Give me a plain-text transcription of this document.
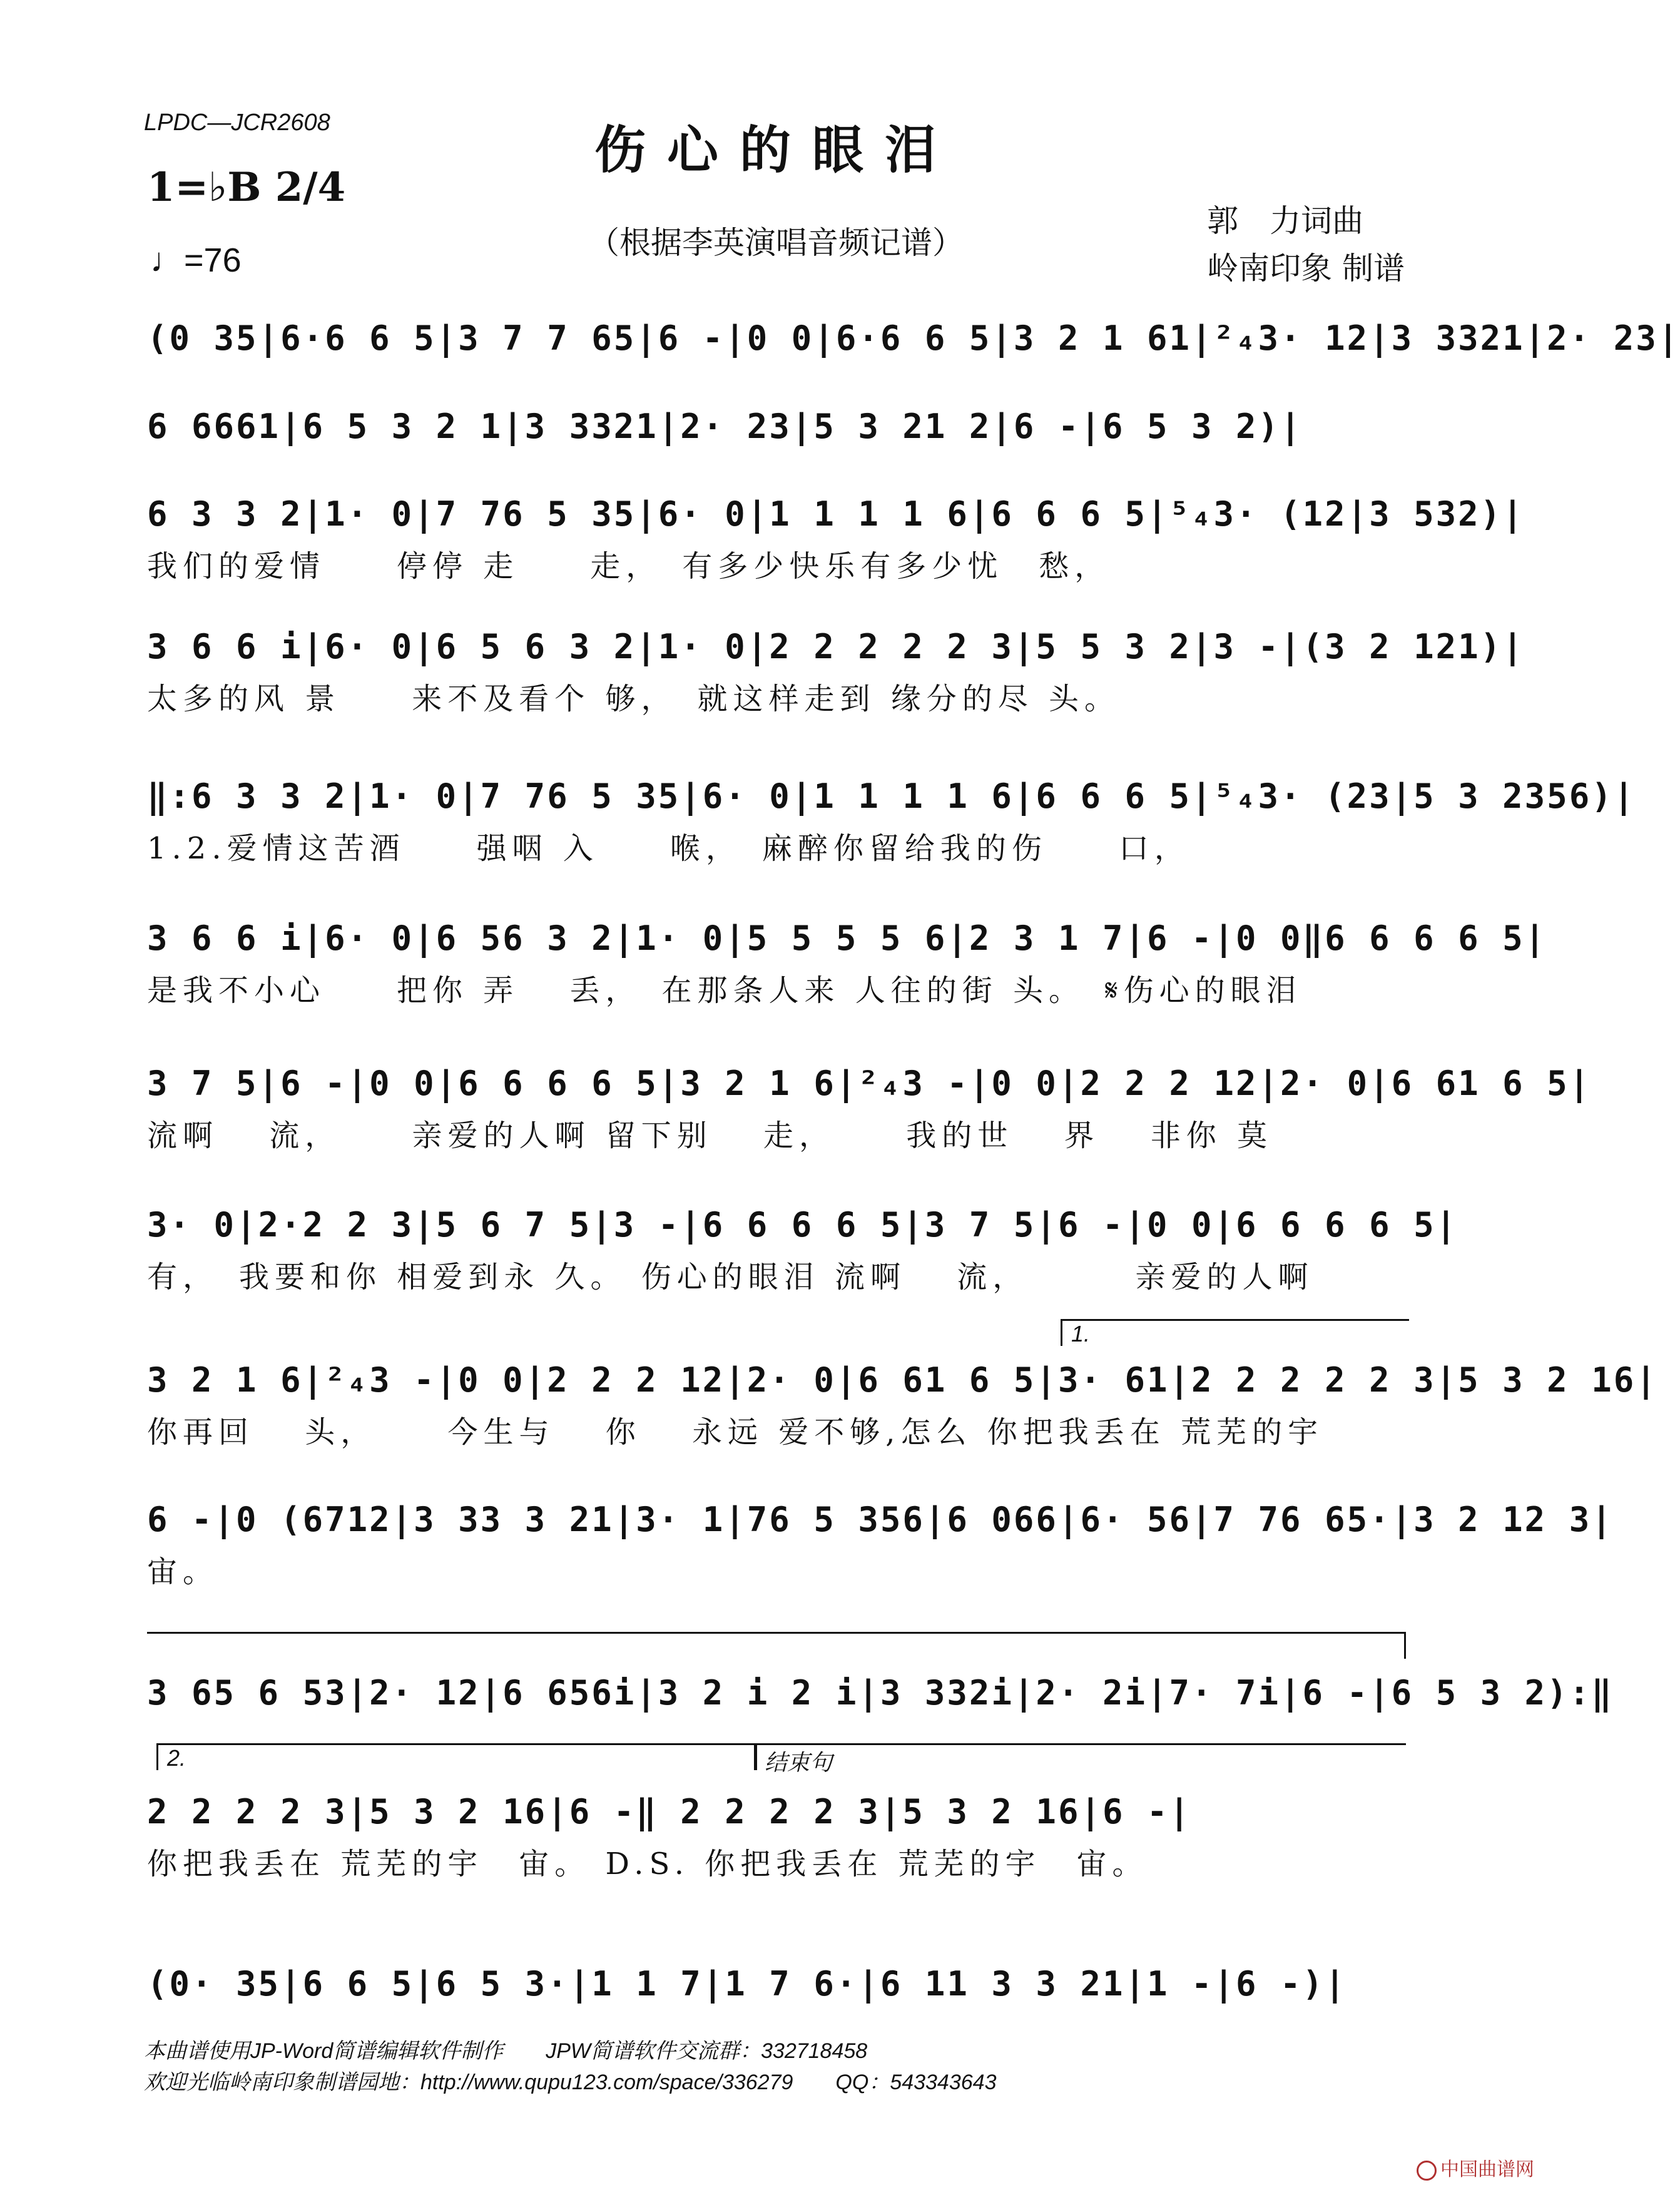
LPDC—JCR2608	伤心的眼泪
1=♭B 2/4
♩=76	（根据李英演唱音频记谱）
郭　力词曲
岭南印象 制谱
(0 35|6·6 6 5|3 7 7 65|6 -|0 0|6·6 6 5|3 2 1 61|²₄3· 12|3 3321|2· 23|
6 6661|6 5 3 2 1|3 3321|2· 23|5 3 21 2|6 -|6 5 3 2)|
6 3 3 2|1· 0|7 76 5 35|6· 0|1 1 1 1 6|6 6 6 5|⁵₄3· (12|3 532)|
我们的爱情　　停停 走　　走，　有多少快乐有多少忧　愁，
3 6 6 i|6· 0|6 5 6 3 2|1· 0|2 2 2 2 2 3|5 5 3 2|3 -|(3 2 121)|
太多的风 景　　来不及看个 够，　就这样走到 缘分的尽 头。
‖:6 3 3 2|1· 0|7 76 5 35|6· 0|1 1 1 1 6|6 6 6 5|⁵₄3· (23|5 3 2356)|
1.2.爱情这苦酒　　强咽 入　　喉，　麻醉你留给我的伤　　口，
3 6 6 i|6· 0|6 56 3 2|1· 0|5 5 5 5 6|2 3 1 7|6 -|0 0‖6 6 6 6 5|
是我不小心　　把你 弄　 丢，　在那条人来 人往的街 头。　𝄋伤心的眼泪
3 7 5|6 -|0 0|6 6 6 6 5|3 2 1 6|²₄3 -|0 0|2 2 2 12|2· 0|6 61 6 5|
流啊　 流，　　 亲爱的人啊 留下别　 走，　　 我的世　 界　 非你 莫
3· 0|2·2 2 3|5 6 7 5|3 -|6 6 6 6 5|3 7 5|6 -|0 0|6 6 6 6 5|
有，　我要和你 相爱到永 久。 伤心的眼泪 流啊　 流，　　　 亲爱的人啊
1.
3 2 1 6|²₄3 -|0 0|2 2 2 12|2· 0|6 61 6 5|3· 61|2 2 2 2 2 3|5 3 2 16|
你再回　 头，　　 今生与　 你　 永远 爱不够,怎么 你把我丢在 荒芜的宇
6 -|0 (6712|3 33 3 21|3· 1|76 5 356|6 066|6· 56|7 76 65·|3 2 12 3|
宙。
3 65 6 53|2· 12|6 656i|3 2 i 2 i|3 332i|2· 2i|7· 7i|6 -|6 5 3 2):‖
2.	结束句
2 2 2 2 3|5 3 2 16|6 -‖ 2 2 2 2 3|5 3 2 16|6 -|
你把我丢在 荒芜的宇　宙。 D.S. 你把我丢在 荒芜的宇　宙。
(0· 35|6 6 5|6 5 3·|1 1 7|1 7 6·|6 11 3 3 21|1 -|6 -)|
本曲谱使用JP-Word简谱编辑软件制作　　JPW简谱软件交流群：332718458
欢迎光临岭南印象制谱园地：http://www.qupu123.com/space/336279　　QQ：543343643
中国曲谱网
